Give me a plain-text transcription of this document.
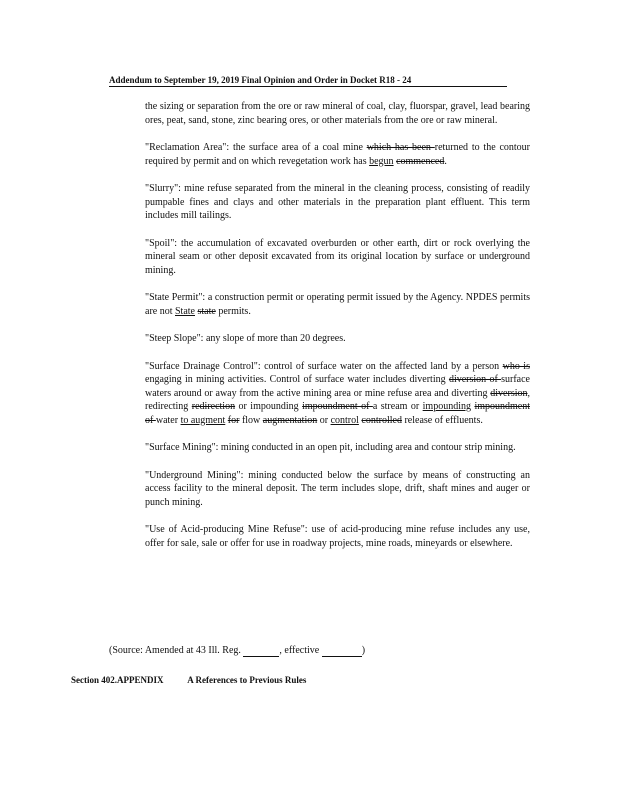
Addendum to September 19, 2019 Final Opinion and Order in Docket R18 - 24

the sizing or separation from the ore or raw mineral of coal, clay, fluorspar, gravel, lead bearing ores, peat, sand, stone, zinc bearing ores, or other materials from the ore or raw mineral.

"Reclamation Area": the surface area of a coal mine which has been returned to the contour required by permit and on which revegetation work has begun commenced.

"Slurry": mine refuse separated from the mineral in the cleaning process, consisting of readily pumpable fines and clays and other materials in the preparation plant effluent. This term includes mill tailings.

"Spoil": the accumulation of excavated overburden or other earth, dirt or rock overlying the mineral seam or other deposit excavated from its original location by surface or underground mining.

"State Permit": a construction permit or operating permit issued by the Agency. NPDES permits are not State state permits.

"Steep Slope": any slope of more than 20 degrees.

"Surface Drainage Control": control of surface water on the affected land by a person who is engaging in mining activities. Control of surface water includes diverting diversion of surface waters around or away from the active mining area or mine refuse area and diverting diversion, redirecting redirection or impounding impoundment of a stream or impounding impoundment of water to augment for flow augmentation or control controlled release of effluents.

"Surface Mining": mining conducted in an open pit, including area and contour strip mining.

"Underground Mining": mining conducted below the surface by means of constructing an access facility to the mineral deposit. The term includes slope, drift, shaft mines and auger or punch mining.

"Use of Acid-producing Mine Refuse": use of acid-producing mine refuse includes any use, offer for sale, sale or offer for use in roadway projects, mine roads, mineyards or elsewhere.

(Source: Amended at 43 Ill. Reg.	, effective	)
Section 402.APPENDIX	A References to Previous Rules
